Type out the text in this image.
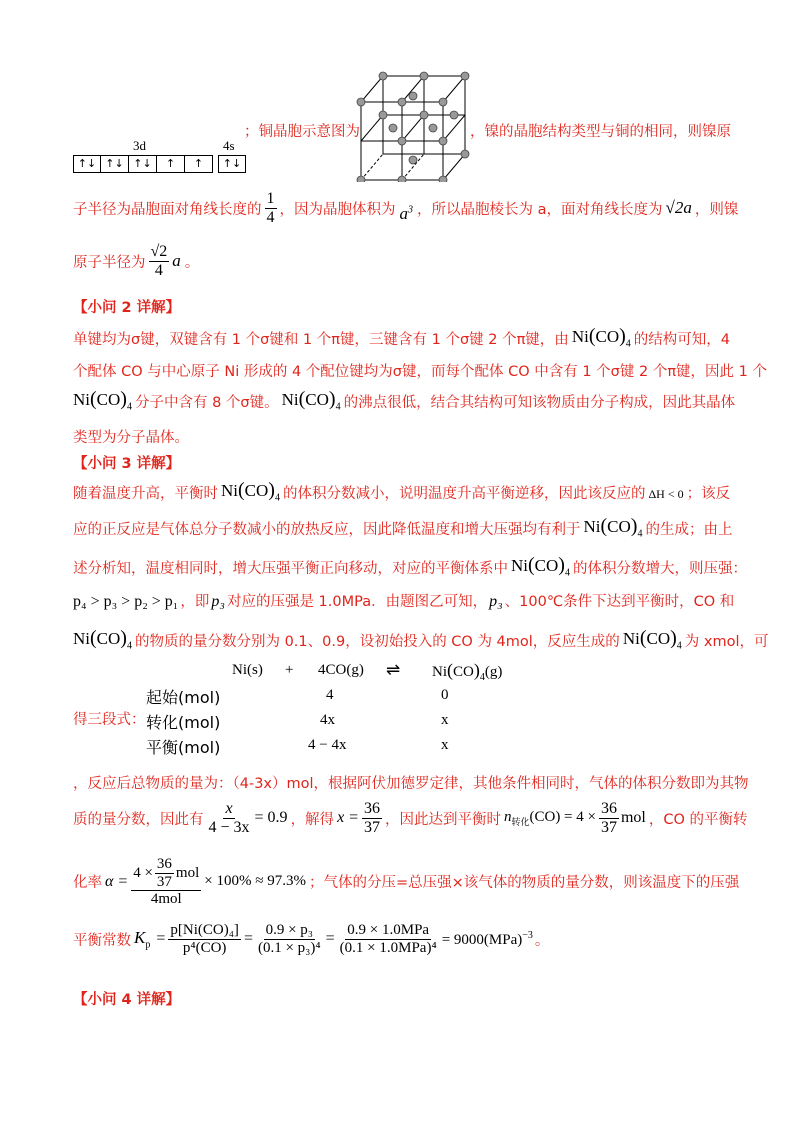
3d	4s
↑↓ ↑↓ ↑↓	↑	↑	↑↓
；铜晶胞示意图为	，镍的晶胞结构类型与铜的相同，则镍原
子半径为晶胞面对角线长度的 $\frac{1}{4}$ ，因为晶胞体积为 $a^3$ ，所以晶胞棱长为 a，面对角线长度为 √2a ，则镍
原子半径为 $\frac{√2}{4}$ a 。
【小问 2 详解】
单键均为σ键，双键含有 1 个σ键和 1 个π键，三键含有 1 个σ键 2 个π键，由 $Ni(CO)_4$ 的结构可知，4
个配体 CO 与中心原子 Ni 形成的 4 个配位键均为σ键，而每个配体 CO 中含有 1 个σ键 2 个π键，因此 1 个
$Ni(CO)_4$ 分子中含有 8 个σ键。 $Ni(CO)_4$ 的沸点很低，结合其结构可知该物质由分子构成，因此其晶体
类型为分子晶体。
【小问 3 详解】
随着温度升高，平衡时 $Ni(CO)_4$ 的体积分数减小，说明温度升高平衡逆移，因此该反应的 ΔH < 0 ；该反
应的正反应是气体总分子数减小的放热反应，因此降低温度和增大压强均有利于 $Ni(CO)_4$ 的生成；由上
述分析知，温度相同时，增大压强平衡正向移动，对应的平衡体系中 $Ni(CO)_4$ 的体积分数增大，则压强：
p₄ > p₃ > p₂ > p₁ ，即 p₃ 对应的压强是 1.0MPa．由题图乙可知， p₃ 、100℃条件下达到平衡时，CO 和
$Ni(CO)_4$ 的物质的量分数分别为 0.1、0.9，设初始投入的 CO 为 4mol，反应生成的 $Ni(CO)_4$ 为 xmol，可
Ni(s) + 4CO(g) ⇌ $Ni(CO)_4(g)$
得三段式：
起始(mol)	4	0
转化(mol)	4x	x
平衡(mol)	4 − 4x	x
，反应后总物质的量为：（4-3x）mol，根据阿伏加德罗定律，其他条件相同时，气体的体积分数即为其物
质的量分数，因此有 $\frac{x}{4 - 3x} = 0.9$ ，解得 $x = \frac{36}{37}$ ，因此达到平衡时 $n_{转化}(CO) = 4 \times \frac{36}{37}$ mol ，CO 的平衡转
化率 $\alpha = \frac{4 \times \frac{36}{37} mol}{\text{4mol}} \times 100\% \approx 97.3\%$ ；气体的分压=总压强×该气体的物质的量分数，则该温度下的压强
平衡常数 $K_p = \frac{\text{p[Ni(CO)₄]}}{\text{p⁴(CO)}} = \frac{\text{0.9 × p₃}}{\text{(0.1 × p₃)⁴}} = \frac{\text{0.9 × 1.0MPa}}{\text{(0.1 × 1.0MPa)⁴}} = 9000(MPa)^{-3}$ 。
【小问 4 详解】
